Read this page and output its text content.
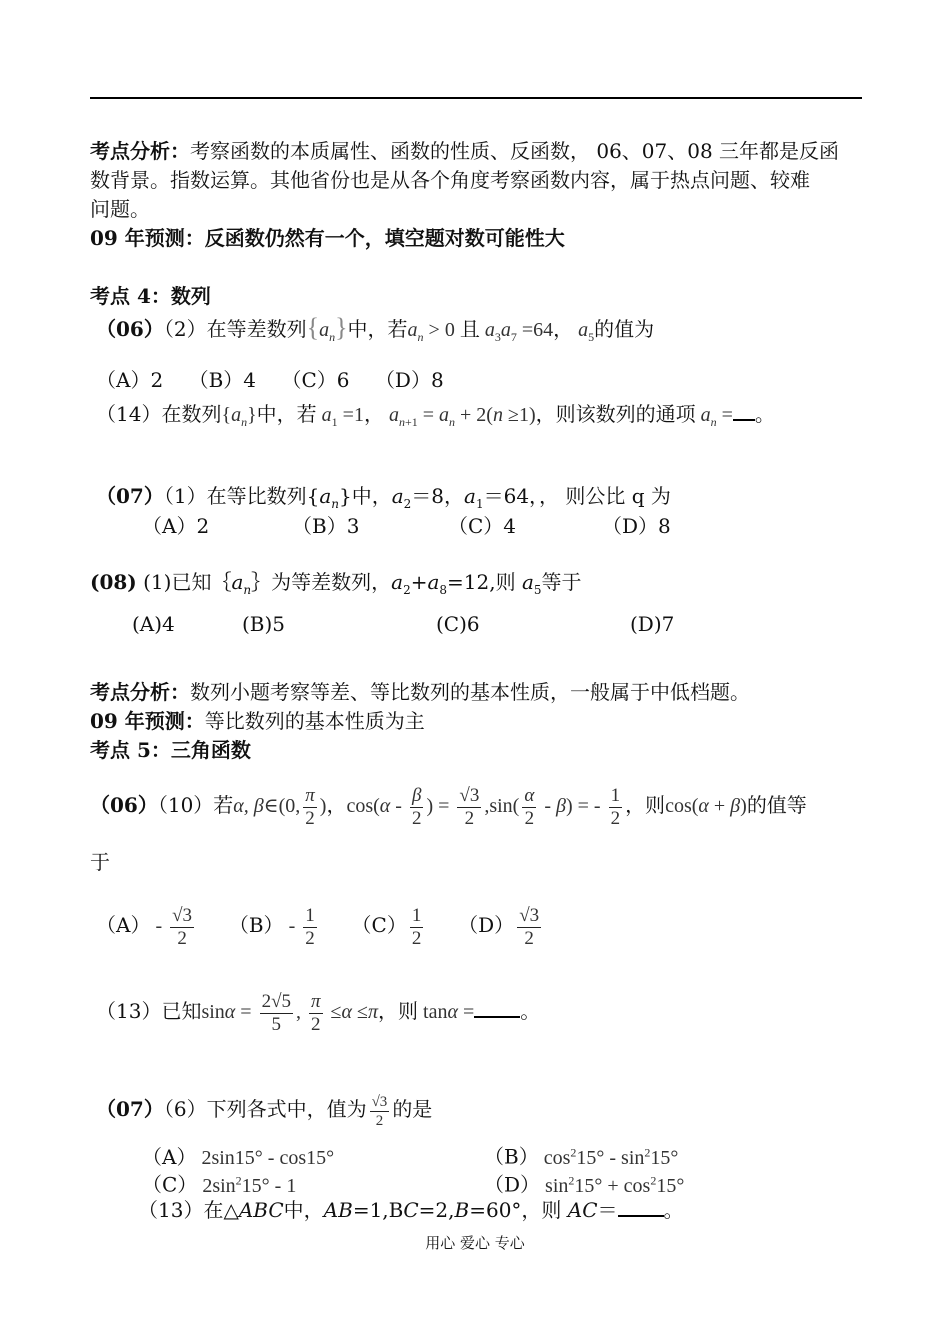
考点分析：考察函数的本质属性、函数的性质、反函数， 06、07、08 三年都是反函
数背景。指数运算。其他省份也是从各个角度考察函数内容，属于热点问题、较难
问题。
09 年预测：反函数仍然有一个，填空题对数可能性大
考点 4：数列
（06）（2）在等差数列$\{a_n\}$中，若$a_n > 0$ 且 $a_3a_7 =64$， $a_5$的值为
（A）2 （B）4 （C）6 （D）8
（14）在数列$\{a_n\}$中，若 $a_1 =1$， $a_{n+1} = a_n + 2(n \ge 1)$，则该数列的通项 $a_n$ = 。
（07）（1）在等比数列$\{a_n\}$中，$a_2=8$，$a_1=64$，， 则公比 q 为
（A）2	（B）3	（C）4	（D）8
(08) (1)已知$\{a_n\}$为等差数列，$a_2+a_8=12$,则 $a_5$等于
(A)4	(B)5	(C)6	(D)7
考点分析：数列小题考察等差、等比数列的基本性质，一般属于中低档题。
09 年预测：等比数列的基本性质为主
考点 5：三角函数
（06）（10）若α, β∈(0, $\frac{\pi}{2}$ )，$\cos(\alpha - \frac{\beta}{2}$ ) = $\frac{√3}{2} ,\sin( \frac{\alpha}{2} - \beta)$ = - $\frac{1}{2}$ ，则cos(α + β)的值等
于
$(A) - \frac{√3}{2} (B) - \frac{1}{2} (C) \frac{1}{2} (D) \frac{√3}{2}$
（13）已知$\sin\alpha = \frac{2√5}{5}$ , $\frac{\pi}{2} \le\alpha \le\pi$，则 tanα = 。
（07）（6）下列各式中，值为 $\frac{√3}{2}$ 的是
（A） 2sin15° - cos15°	（B） $\cos^215^\circ - \sin^215^\circ$
（C） $2\sin^215^\circ - 1$	（D） $\sin^215^\circ + \cos^215^\circ$
（13）在△ABC中，AB=1,BC=2,B=60°，则 AC＝ 。
用心 爱心 专心
